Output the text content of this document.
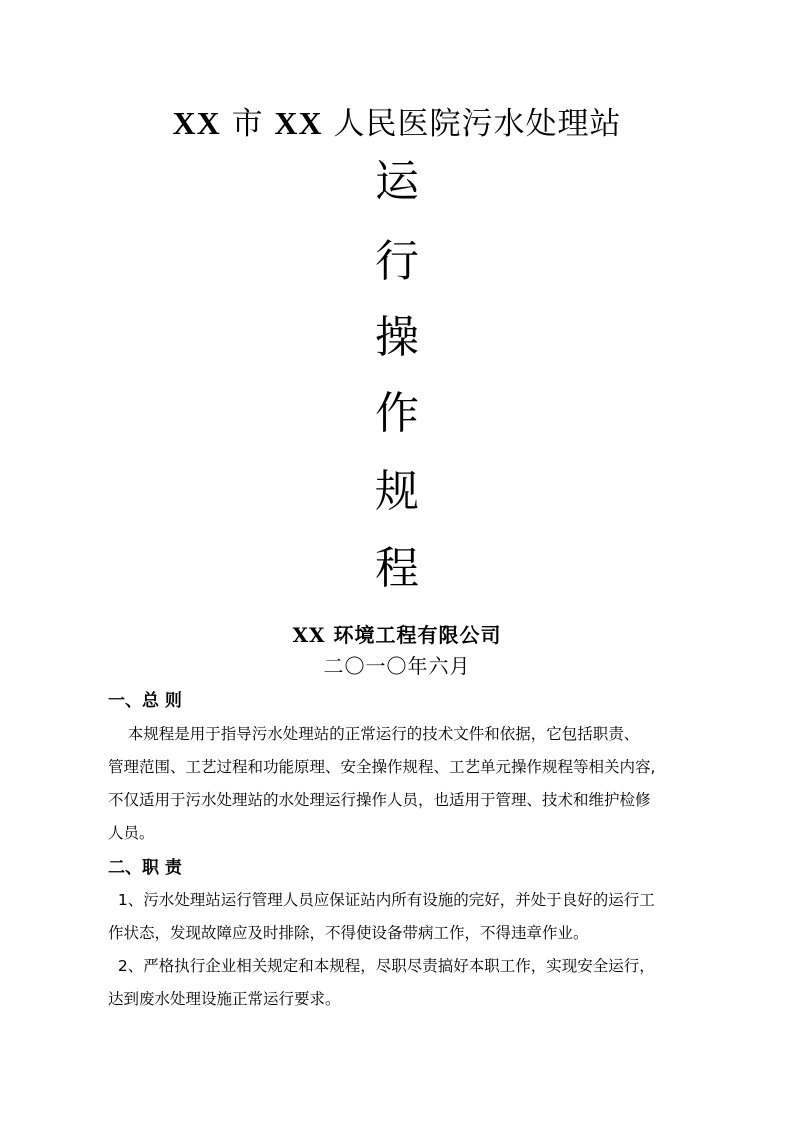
XX 市 XX 人民医院污水处理站
运
行
操
作
规
程
XX 环境工程有限公司
二〇一〇年六月
一、总 则
本规程是用于指导污水处理站的正常运行的技术文件和依据，它包括职责、
管理范围、工艺过程和功能原理、安全操作规程、工艺单元操作规程等相关内容,
不仅适用于污水处理站的水处理运行操作人员，也适用于管理、技术和维护检修
人员。
二、职 责
1、污水处理站运行管理人员应保证站内所有设施的完好，并处于良好的运行工
作状态，发现故障应及时排除，不得使设备带病工作，不得违章作业。
2、严格执行企业相关规定和本规程，尽职尽责搞好本职工作，实现安全运行，
达到废水处理设施正常运行要求。
